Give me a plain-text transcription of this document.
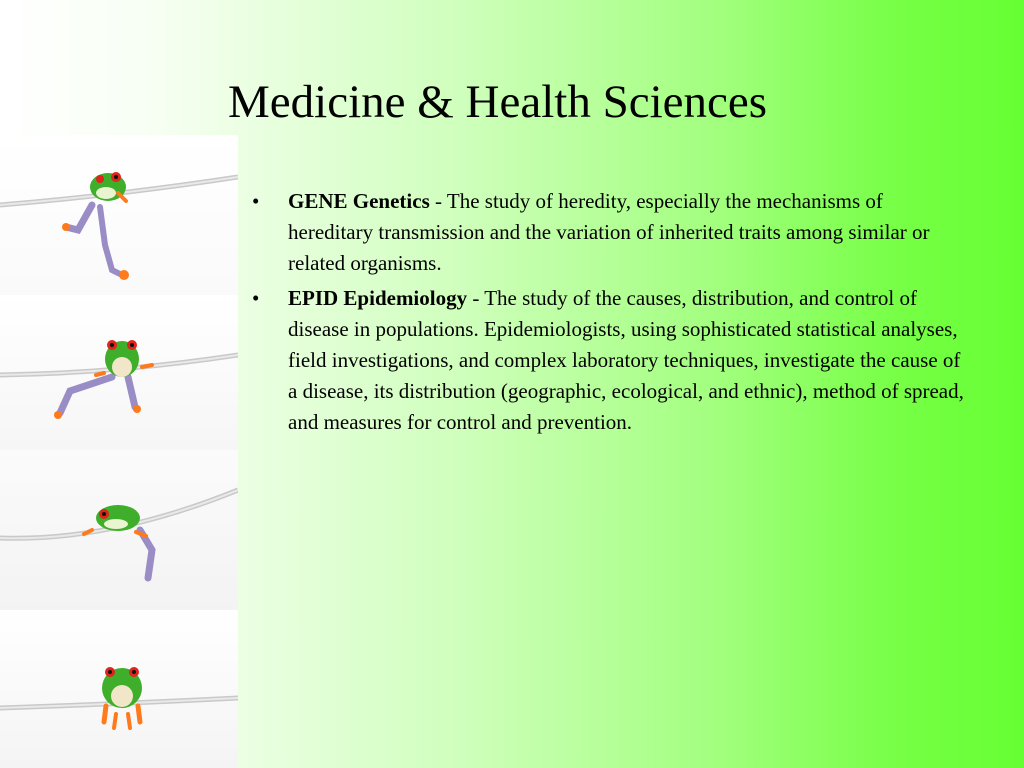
Medicine & Health Sciences
•	GENE Genetics - The study of heredity, especially the mechanisms of hereditary transmission and the variation of inherited traits among similar or related organisms.
•	EPID Epidemiology - The study of the causes, distribution, and control of disease in populations. Epidemiologists, using sophisticated statistical analyses, field investigations, and complex laboratory techniques, investigate the cause of a disease, its distribution (geographic, ecological, and ethnic), method of spread, and measures for control and prevention.
